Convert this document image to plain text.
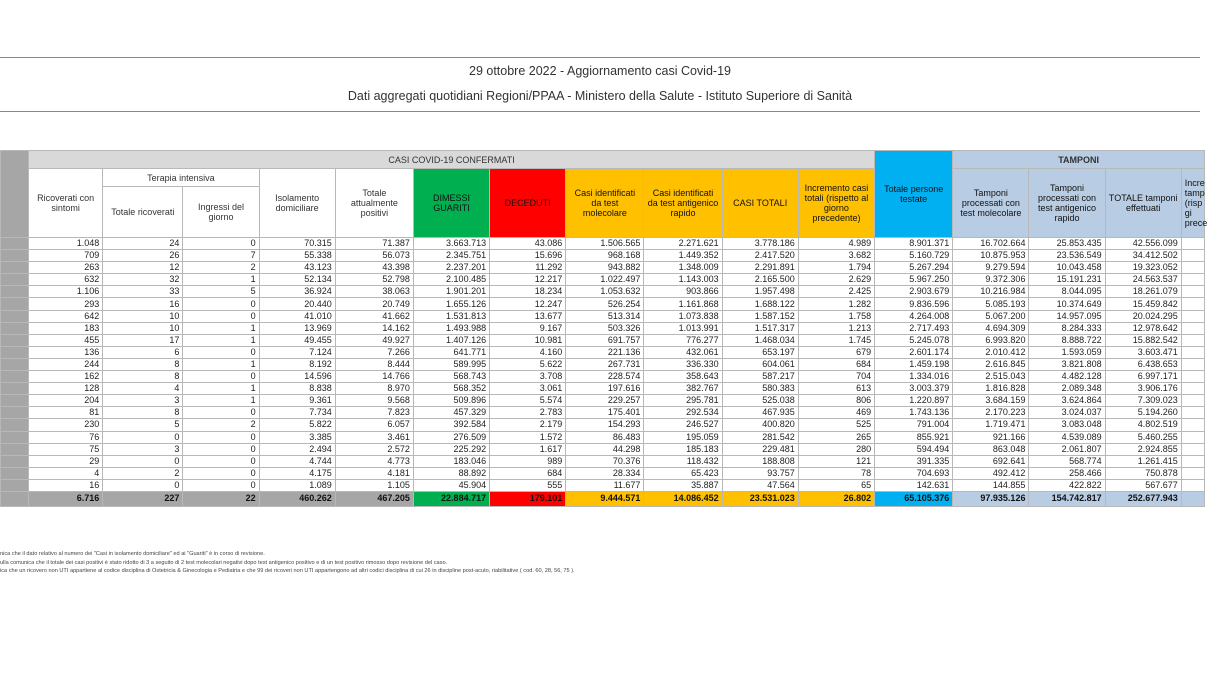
29 ottobre 2022 - Aggiornamento casi Covid-19
Dati aggregati quotidiani Regioni/PPAA - Ministero della Salute - Istituto Superiore di Sanità
	CASI COVID-19 CONFERMATI											Totale persone testate	TAMPONI			
	Ricoverati con sintomi	Terapia intensiva		Isolamento domiciliare	Totale attualmente positivi	DIMESSI GUARITI	DECEDUTI	Casi identificati da test molecolare	Casi identificati da test antigenico rapido	CASI TOTALI	Incremento casi totali (rispetto al giorno precedente)		Tamponi processati con test molecolare	Tamponi processati con test antigenico rapido	TOTALE tamponi effettuati	Incre tamp (risp gi prece
		Totale ricoverati	Ingressi del giorno													
	1.048	24	0	70.315	71.387	3.663.713	43.086	1.506.565	2.271.621	3.778.186	4.989	8.901.371	16.702.664	25.853.435	42.556.099	
	709	26	7	55.338	56.073	2.345.751	15.696	968.168	1.449.352	2.417.520	3.682	5.160.729	10.875.953	23.536.549	34.412.502	
	263	12	2	43.123	43.398	2.237.201	11.292	943.882	1.348.009	2.291.891	1.794	5.267.294	9.279.594	10.043.458	19.323.052	
	632	32	1	52.134	52.798	2.100.485	12.217	1.022.497	1.143.003	2.165.500	2.629	5.967.250	9.372.306	15.191.231	24.563.537	
	1.106	33	5	36.924	38.063	1.901.201	18.234	1.053.632	903.866	1.957.498	2.425	2.903.679	10.216.984	8.044.095	18.261.079	
	293	16	0	20.440	20.749	1.655.126	12.247	526.254	1.161.868	1.688.122	1.282	9.836.596	5.085.193	10.374.649	15.459.842	
	642	10	0	41.010	41.662	1.531.813	13.677	513.314	1.073.838	1.587.152	1.758	4.264.008	5.067.200	14.957.095	20.024.295	
	183	10	1	13.969	14.162	1.493.988	9.167	503.326	1.013.991	1.517.317	1.213	2.717.493	4.694.309	8.284.333	12.978.642	
	455	17	1	49.455	49.927	1.407.126	10.981	691.757	776.277	1.468.034	1.745	5.245.078	6.993.820	8.888.722	15.882.542	
	136	6	0	7.124	7.266	641.771	4.160	221.136	432.061	653.197	679	2.601.174	2.010.412	1.593.059	3.603.471	
	244	8	1	8.192	8.444	589.995	5.622	267.731	336.330	604.061	684	1.459.198	2.616.845	3.821.808	6.438.653	
	162	8	0	14.596	14.766	568.743	3.708	228.574	358.643	587.217	704	1.334.016	2.515.043	4.482.128	6.997.171	
	128	4	1	8.838	8.970	568.352	3.061	197.616	382.767	580.383	613	3.003.379	1.816.828	2.089.348	3.906.176	
	204	3	1	9.361	9.568	509.896	5.574	229.257	295.781	525.038	806	1.220.897	3.684.159	3.624.864	7.309.023	
	81	8	0	7.734	7.823	457.329	2.783	175.401	292.534	467.935	469	1.743.136	2.170.223	3.024.037	5.194.260	
	230	5	2	5.822	6.057	392.584	2.179	154.293	246.527	400.820	525	791.004	1.719.471	3.083.048	4.802.519	
	76	0	0	3.385	3.461	276.509	1.572	86.483	195.059	281.542	265	855.921	921.166	4.539.089	5.460.255	
	75	3	0	2.494	2.572	225.292	1.617	44.298	185.183	229.481	280	594.494	863.048	2.061.807	2.924.855	
	29	0	0	4.744	4.773	183.046	989	70.376	118.432	188.808	121	391.335	692.641	568.774	1.261.415	
	4	2	0	4.175	4.181	88.892	684	28.334	65.423	93.757	78	704.693	492.412	258.466	750.878	
	16	0	0	1.089	1.105	45.904	555	11.677	35.887	47.564	65	142.631	144.855	422.822	567.677	
	6.716	227	22	460.262	467.205	22.884.717	179.101	9.444.571	14.086.452	23.531.023	26.802	65.105.376	97.935.126	154.742.817	252.677.943	
nica che il dato relativo al numero dei "Casi in isolamento domiciliare" ed ai "Guariti" è in corso di revisione.
ulla comunica che il totale dei casi positivi è stato ridotto di 3 a seguito di 2 test molecolari negativi dopo test antigenico positivo e di un test positivo rimosso dopo revisione del caso.
ica che un ricovero non UTI appartiene al codice disciplina di Ostetricia & Ginecologia e Pediatria e che 99 dei ricoveri non UTI appartengono ad altri codici disciplina di cui 26 in discipline post-acuto, riabilitative ( cod. 60, 28, 56, 75 ).
